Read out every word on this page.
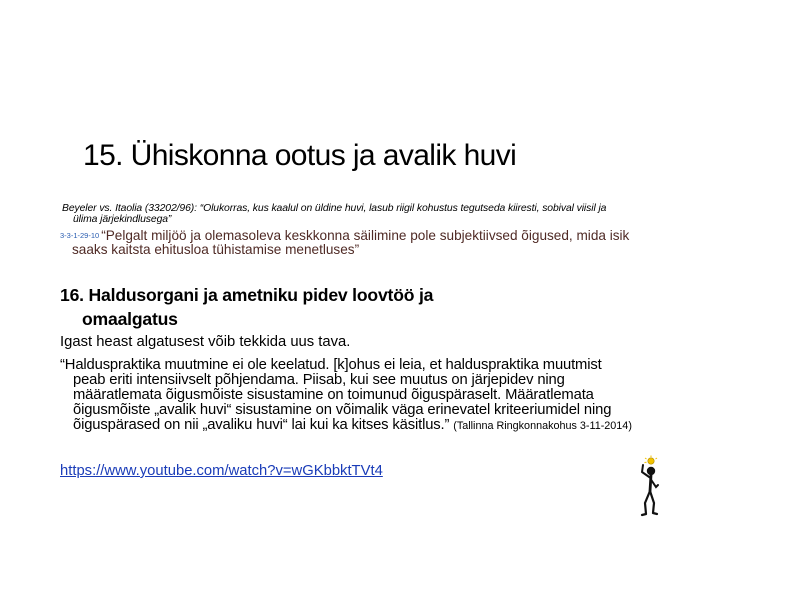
15. Ühiskonna ootus ja avalik huvi
Beyeler vs. Itaolia (33202/96): “Olukorras, kus kaalul on üldine huvi, lasub riigil kohustus tegutseda kiiresti, sobival viisil ja
ülima järjekindlusega”
3-3-1-29-10 “Pelgalt miljöö ja olemasoleva keskkonna säilimine pole subjektiivsed õigused, mida isik
saaks kaitsta ehitusloa tühistamise menetluses”
16. Haldusorgani ja ametniku pidev loovtöö ja
omaalgatus
Igast heast algatusest võib tekkida uus tava.
“Halduspraktika muutmine ei ole keelatud. [k]ohus ei leia, et halduspraktika muutmist
peab eriti intensiivselt põhjendama. Piisab, kui see muutus on järjepidev ning
määratlemata õigusmõiste sisustamine on toimunud õiguspäraselt. Määratlemata
õigusmõiste „avalik huvi“ sisustamine on võimalik väga erinevatel kriteeriumidel ning
õiguspärased on nii „avaliku huvi“ lai kui ka kitses käsitlus.” (Tallinna Ringkonnakohus 3-11-2014)
https://www.youtube.com/watch?v=wGKbbktTVt4
